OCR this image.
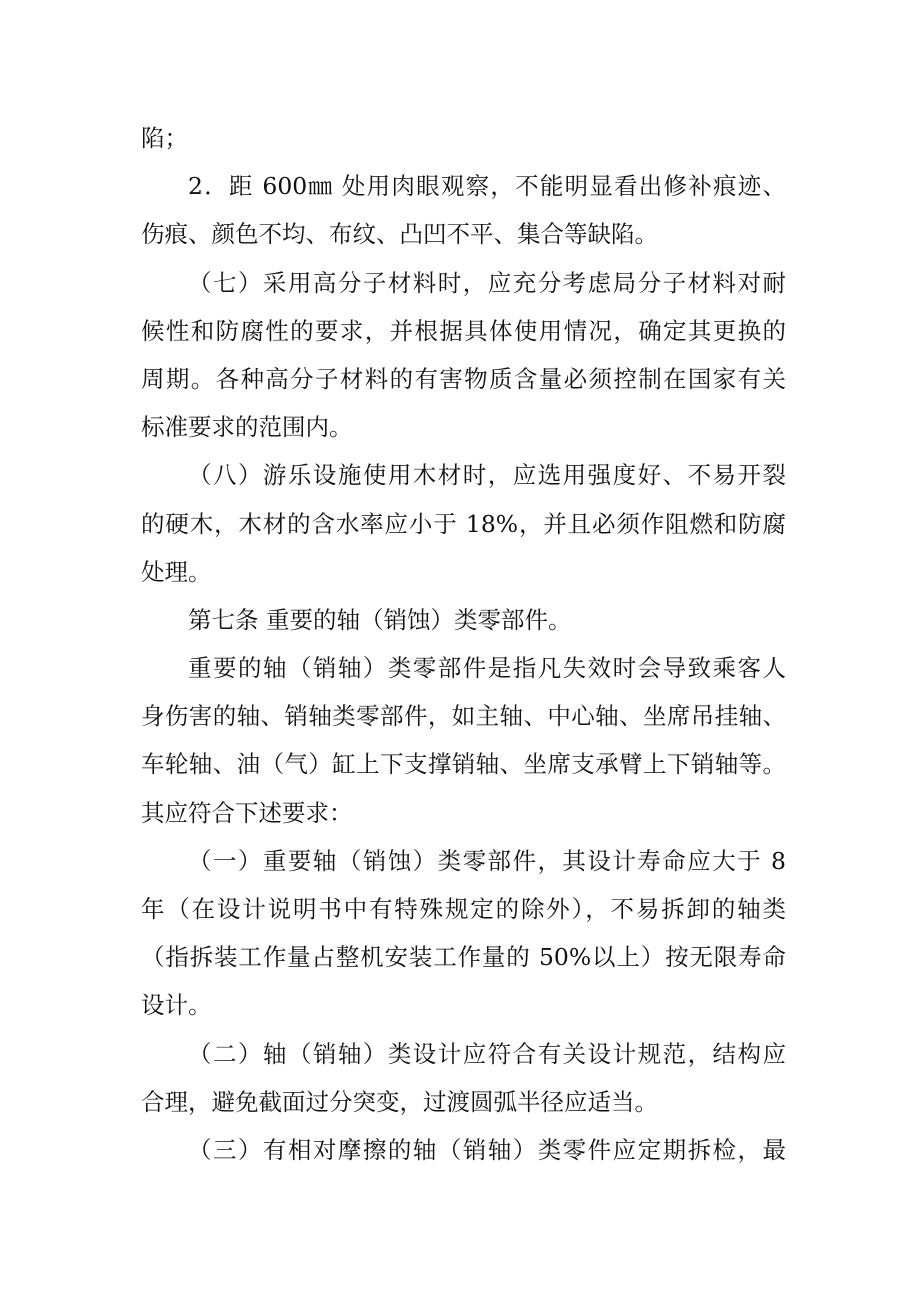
陷；
2．距 600㎜ 处用肉眼观察，不能明显看出修补痕迹、
伤痕、颜色不均、布纹、凸凹不平、集合等缺陷。
（七）采用高分子材料时，应充分考虑局分子材料对耐
候性和防腐性的要求，并根据具体使用情况，确定其更换的
周期。各种高分子材料的有害物质含量必须控制在国家有关
标准要求的范围内。
（八）游乐设施使用木材时，应选用强度好、不易开裂
的硬木，木材的含水率应小于 18%，并且必须作阻燃和防腐
处理。
第七条 重要的轴（销蚀）类零部件。
重要的轴（销轴）类零部件是指凡失效时会导致乘客人
身伤害的轴、销轴类零部件，如主轴、中心轴、坐席吊挂轴、
车轮轴、油（气）缸上下支撑销轴、坐席支承臂上下销轴等。
其应符合下述要求：
（一）重要轴（销蚀）类零部件，其设计寿命应大于 8
年（在设计说明书中有特殊规定的除外），不易拆卸的轴类
（指拆装工作量占整机安装工作量的 50%以上）按无限寿命
设计。
（二）轴（销轴）类设计应符合有关设计规范，结构应
合理，避免截面过分突变，过渡圆弧半径应适当。
（三）有相对摩擦的轴（销轴）类零件应定期拆检，最
